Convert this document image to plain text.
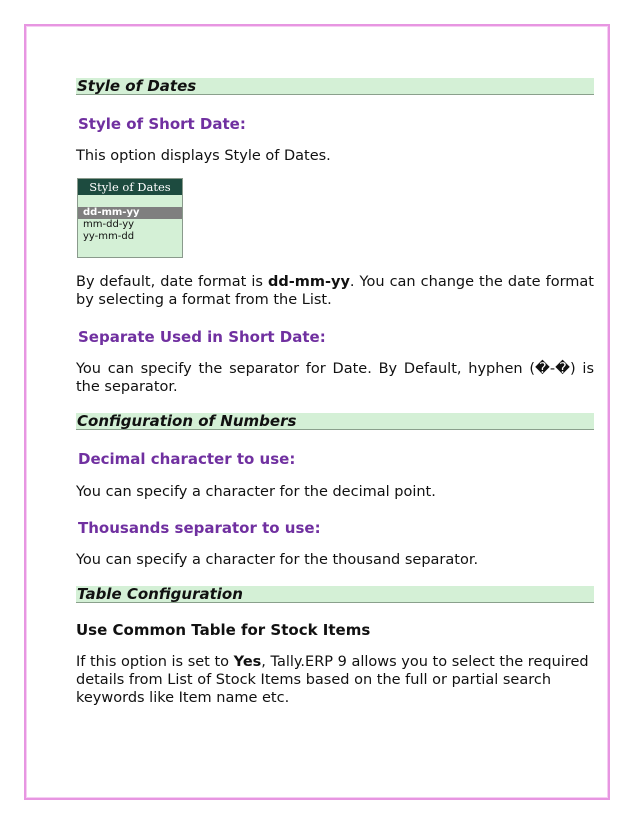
Style of Dates
Style of Short Date:
This option displays Style of Dates.
Style of Dates
dd-mm-yy
mm-dd-yy
yy-mm-dd
By default, date format is dd-mm-yy. You can change the date format by selecting a format from the List.
Separate Used in Short Date:
You can specify the separator for Date. By Default, hyphen (�-�) is the separator.
Configuration of Numbers
Decimal character to use:
You can specify a character for the decimal point.
Thousands separator to use:
You can specify a character for the thousand separator.
Table Configuration
Use Common Table for Stock Items
If this option is set to Yes, Tally.ERP 9 allows you to select the required details from List of Stock Items based on the full or partial search keywords like Item name etc.
